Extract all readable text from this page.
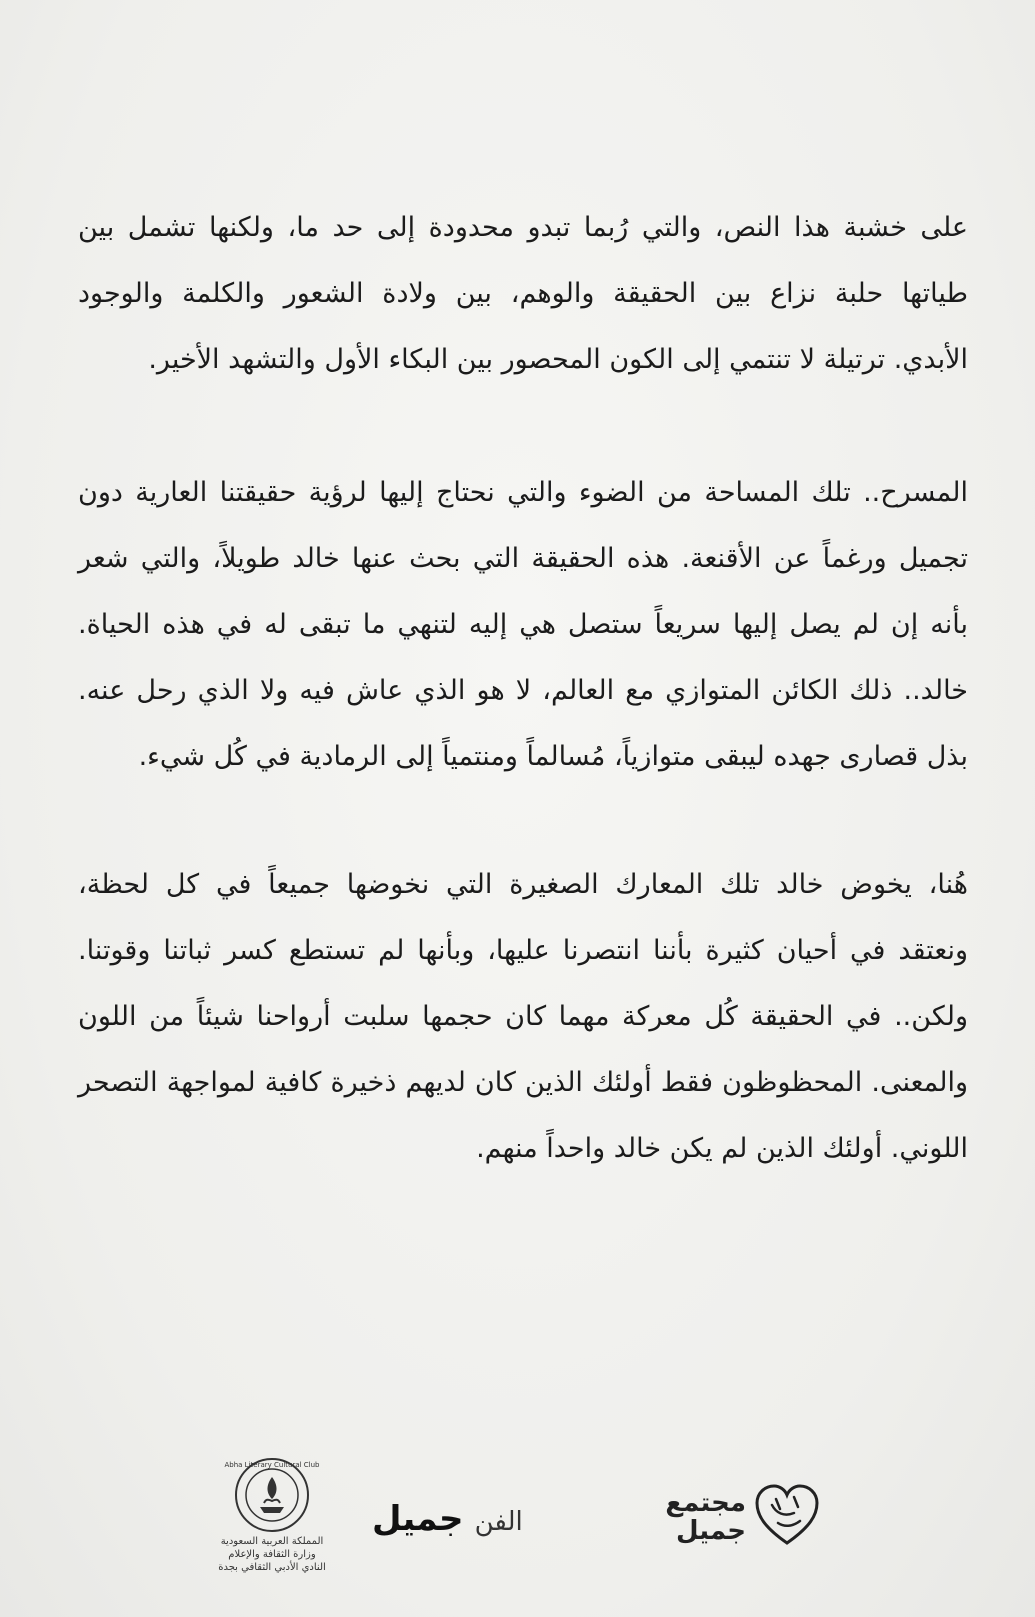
على خشبة هذا النص، والتي رُبما تبدو محدودة إلى حد ما، ولكنها تشمل بين
طياتها حلبة نزاع بين الحقيقة والوهم، بين ولادة الشعور والكلمة والوجود
الأبدي. ترتيلة لا تنتمي إلى الكون المحصور بين البكاء الأول والتشهد الأخير.
المسرح.. تلك المساحة من الضوء والتي نحتاج إليها لرؤية حقيقتنا العارية دون
تجميل ورغماً عن الأقنعة. هذه الحقيقة التي بحث عنها خالد طويلاً، والتي شعر
بأنه إن لم يصل إليها سريعاً ستصل هي إليه لتنهي ما تبقى له في هذه الحياة.
خالد.. ذلك الكائن المتوازي مع العالم، لا هو الذي عاش فيه ولا الذي رحل عنه.
بذل قصارى جهده ليبقى متوازياً، مُسالماً ومنتمياً إلى الرمادية في كُل شيء.
هُنا، يخوض خالد تلك المعارك الصغيرة التي نخوضها جميعاً في كل لحظة،
ونعتقد في أحيان كثيرة بأننا انتصرنا عليها، وبأنها لم تستطع كسر ثباتنا وقوتنا.
ولكن.. في الحقيقة كُل معركة مهما كان حجمها سلبت أرواحنا شيئاً من اللون
والمعنى. المحظوظون فقط أولئك الذين كان لديهم ذخيرة كافية لمواجهة التصحر
اللوني. أولئك الذين لم يكن خالد واحداً منهم.
مجتمع
جميل
الفن جميل
Abha Literary Cultural Club
المملكة العربية السعودية
وزارة الثقافة والإعلام
النادي الأدبي الثقافي بجدة
